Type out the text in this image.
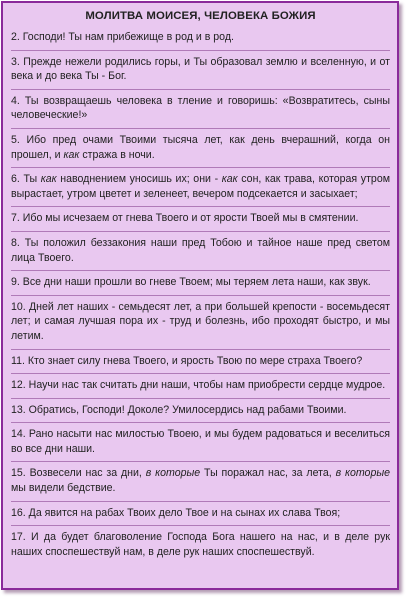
МОЛИТВА МОИСЕЯ, ЧЕЛОВЕКА БОЖИЯ

2. Господи! Ты нам прибежище в род и в род.

3. Прежде нежели родились горы, и Ты образовал землю и вселенную, и от века и до века Ты - Бог.

4. Ты возвращаешь человека в тление и говоришь: «Возвратитесь, сыны человеческие!»

5. Ибо пред очами Твоими тысяча лет, как день вчерашний, когда он прошел, и как стража в ночи.

6. Ты как наводнением уносишь их; они - как сон, как трава, которая утром вырастает, утром цветет и зеленеет, вечером подсекается и засыхает;

7. Ибо мы исчезаем от гнева Твоего и от ярости Твоей мы в смятении.

8. Ты положил беззакония наши пред Тобою и тайное наше пред светом лица Твоего.

9. Все дни наши прошли во гневе Твоем; мы теряем лета наши, как звук.

10. Дней лет наших - семьдесят лет, а при большей крепости - восемьдесят лет; и самая лучшая пора их - труд и болезнь, ибо проходят быстро, и мы летим.

11. Кто знает силу гнева Твоего, и ярость Твою по мере страха Твоего?

12. Научи нас так считать дни наши, чтобы нам приобрести сердце мудрое.

13. Обратись, Господи! Доколе? Умилосердись над рабами Твоими.

14. Рано насыти нас милостью Твоею, и мы будем радоваться и веселиться во все дни наши.

15. Возвесели нас за дни, в которые Ты поражал нас, за лета, в которые мы видели бедствие.

16. Да явится на рабах Твоих дело Твое и на сынах их слава Твоя;

17. И да будет благоволение Господа Бога нашего на нас, и в деле рук наших споспешествуй нам, в деле рук наших споспешествуй.
